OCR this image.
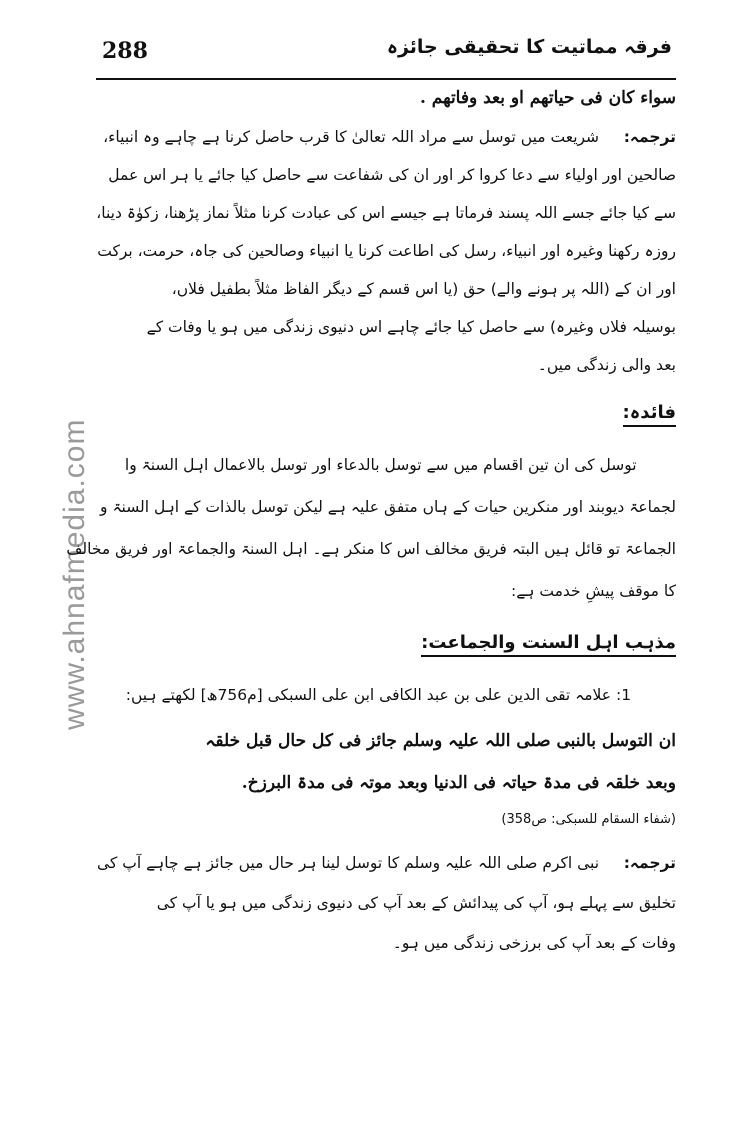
288	فرقہ مماتیت کا تحقیقی جائزہ
www.ahnafmedia.com
سواء کان فی حیاتھم او بعد وفاتھم .
ترجمہ:     شریعت میں توسل سے مراد اللہ تعالیٰ کا قرب حاصل کرنا ہے چاہے وہ انبیاء،
صالحین اور اولیاء سے دعا کروا کر اور ان کی شفاعت سے حاصل کیا جائے یا ہر اس عمل
سے کیا جائے جسے اللہ پسند فرماتا ہے جیسے اس کی عبادت کرنا مثلاً نماز پڑھنا، زکوٰۃ دینا،
روزہ رکھنا وغیرہ اور انبیاء، رسل کی اطاعت کرنا یا انبیاء وصالحین کی جاہ، حرمت، برکت
اور ان کے (اللہ پر ہونے والے) حق (یا اس قسم کے دیگر الفاظ مثلاً بطفیل فلاں،
بوسیلہ فلاں وغیرہ) سے حاصل کیا جائے چاہے اس دنیوی زندگی میں ہو یا وفات کے
بعد والی زندگی میں۔
فائدہ:
توسل کی ان تین اقسام میں سے توسل بالدعاء اور توسل بالاعمال اہل السنۃ وا
لجماعۃ دیوبند اور منکرین حیات کے ہاں متفق علیہ ہے لیکن توسل بالذات کے اہل السنۃ و
الجماعۃ تو قائل ہیں البتہ فریق مخالف اس کا منکر ہے۔ اہل السنۃ والجماعۃ اور فریق مخالف
کا موقف پیشِ خدمت ہے:
مذہب اہل السنت والجماعت:
1: علامہ تقی الدین علی بن عبد الکافی ابن علی السبکی [م756ھ] لکھتے ہیں:
ان التوسل بالنبی صلی اللہ علیہ وسلم جائز فی کل حال قبل خلقہ
وبعد خلقہ فی مدۃ حیاتہ فی الدنیا وبعد موتہ فی مدۃ البرزخ.
(شفاء السقام للسبکی: ص358)
ترجمہ:     نبی اکرم صلی اللہ علیہ وسلم کا توسل لینا ہر حال میں جائز ہے چاہے آپ کی
تخلیق سے پہلے ہو، آپ کی پیدائش کے بعد آپ کی دنیوی زندگی میں ہو یا آپ کی
وفات کے بعد آپ کی برزخی زندگی میں ہو۔
